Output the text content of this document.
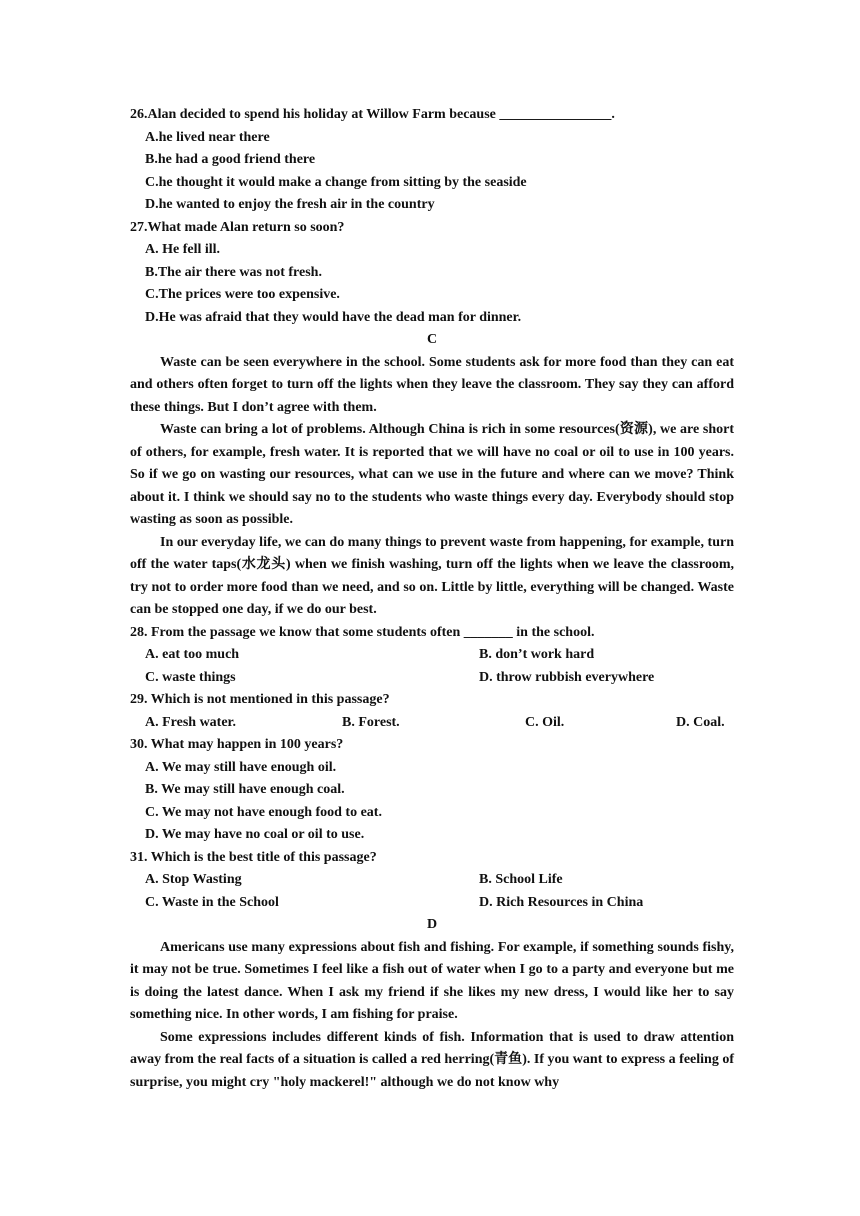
26.Alan decided to spend his holiday at Willow Farm because ________________.
A.he lived near there
B.he had a good friend there
C.he thought it would make a change from sitting by the seaside
D.he wanted to enjoy the fresh air in the country
27.What made Alan return so soon?
A. He fell ill.
B.The air there was not fresh.
C.The prices were too expensive.
D.He was afraid that they would have the dead man for dinner.
C

Waste can be seen everywhere in the school. Some students ask for more food than they can eat and others often forget to turn off the lights when they leave the classroom. They say they can afford these things. But I don’t agree with them.

Waste can bring a lot of problems. Although China is rich in some resources(资源), we are short of others, for example, fresh water. It is reported that we will have no coal or oil to use in 100 years. So if we go on wasting our resources, what can we use in the future and where can we move? Think about it. I think we should say no to the students who waste things every day. Everybody should stop wasting as soon as possible.

In our everyday life, we can do many things to prevent waste from happening, for example, turn off the water taps(水龙头) when we finish washing, turn off the lights when we leave the classroom, try not to order more food than we need, and so on. Little by little, everything will be changed. Waste can be stopped one day, if we do our best.

28. From the passage we know that some students often _______ in the school.
A. eat too much	B. don’t work hard
C. waste things	D. throw rubbish everywhere
29. Which is not mentioned in this passage?
A. Fresh water.	B. Forest.	C. Oil.	D. Coal.
30. What may happen in 100 years?
A. We may still have enough oil.
B. We may still have enough coal.
C. We may not have enough food to eat.
D. We may have no coal or oil to use.
31. Which is the best title of this passage?
A. Stop Wasting	B. School Life
C. Waste in the School	D. Rich Resources in China
D

Americans use many expressions about fish and fishing. For example, if something sounds fishy, it may not be true. Sometimes I feel like a fish out of water when I go to a party and everyone but me is doing the latest dance. When I ask my friend if she likes my new dress, I would like her to say something nice. In other words, I am fishing for praise.

Some expressions includes different kinds of fish. Information that is used to draw attention away from the real facts of a situation is called a red herring(青鱼). If you want to express a feeling of surprise, you might cry "holy mackerel!" although we do not know why
